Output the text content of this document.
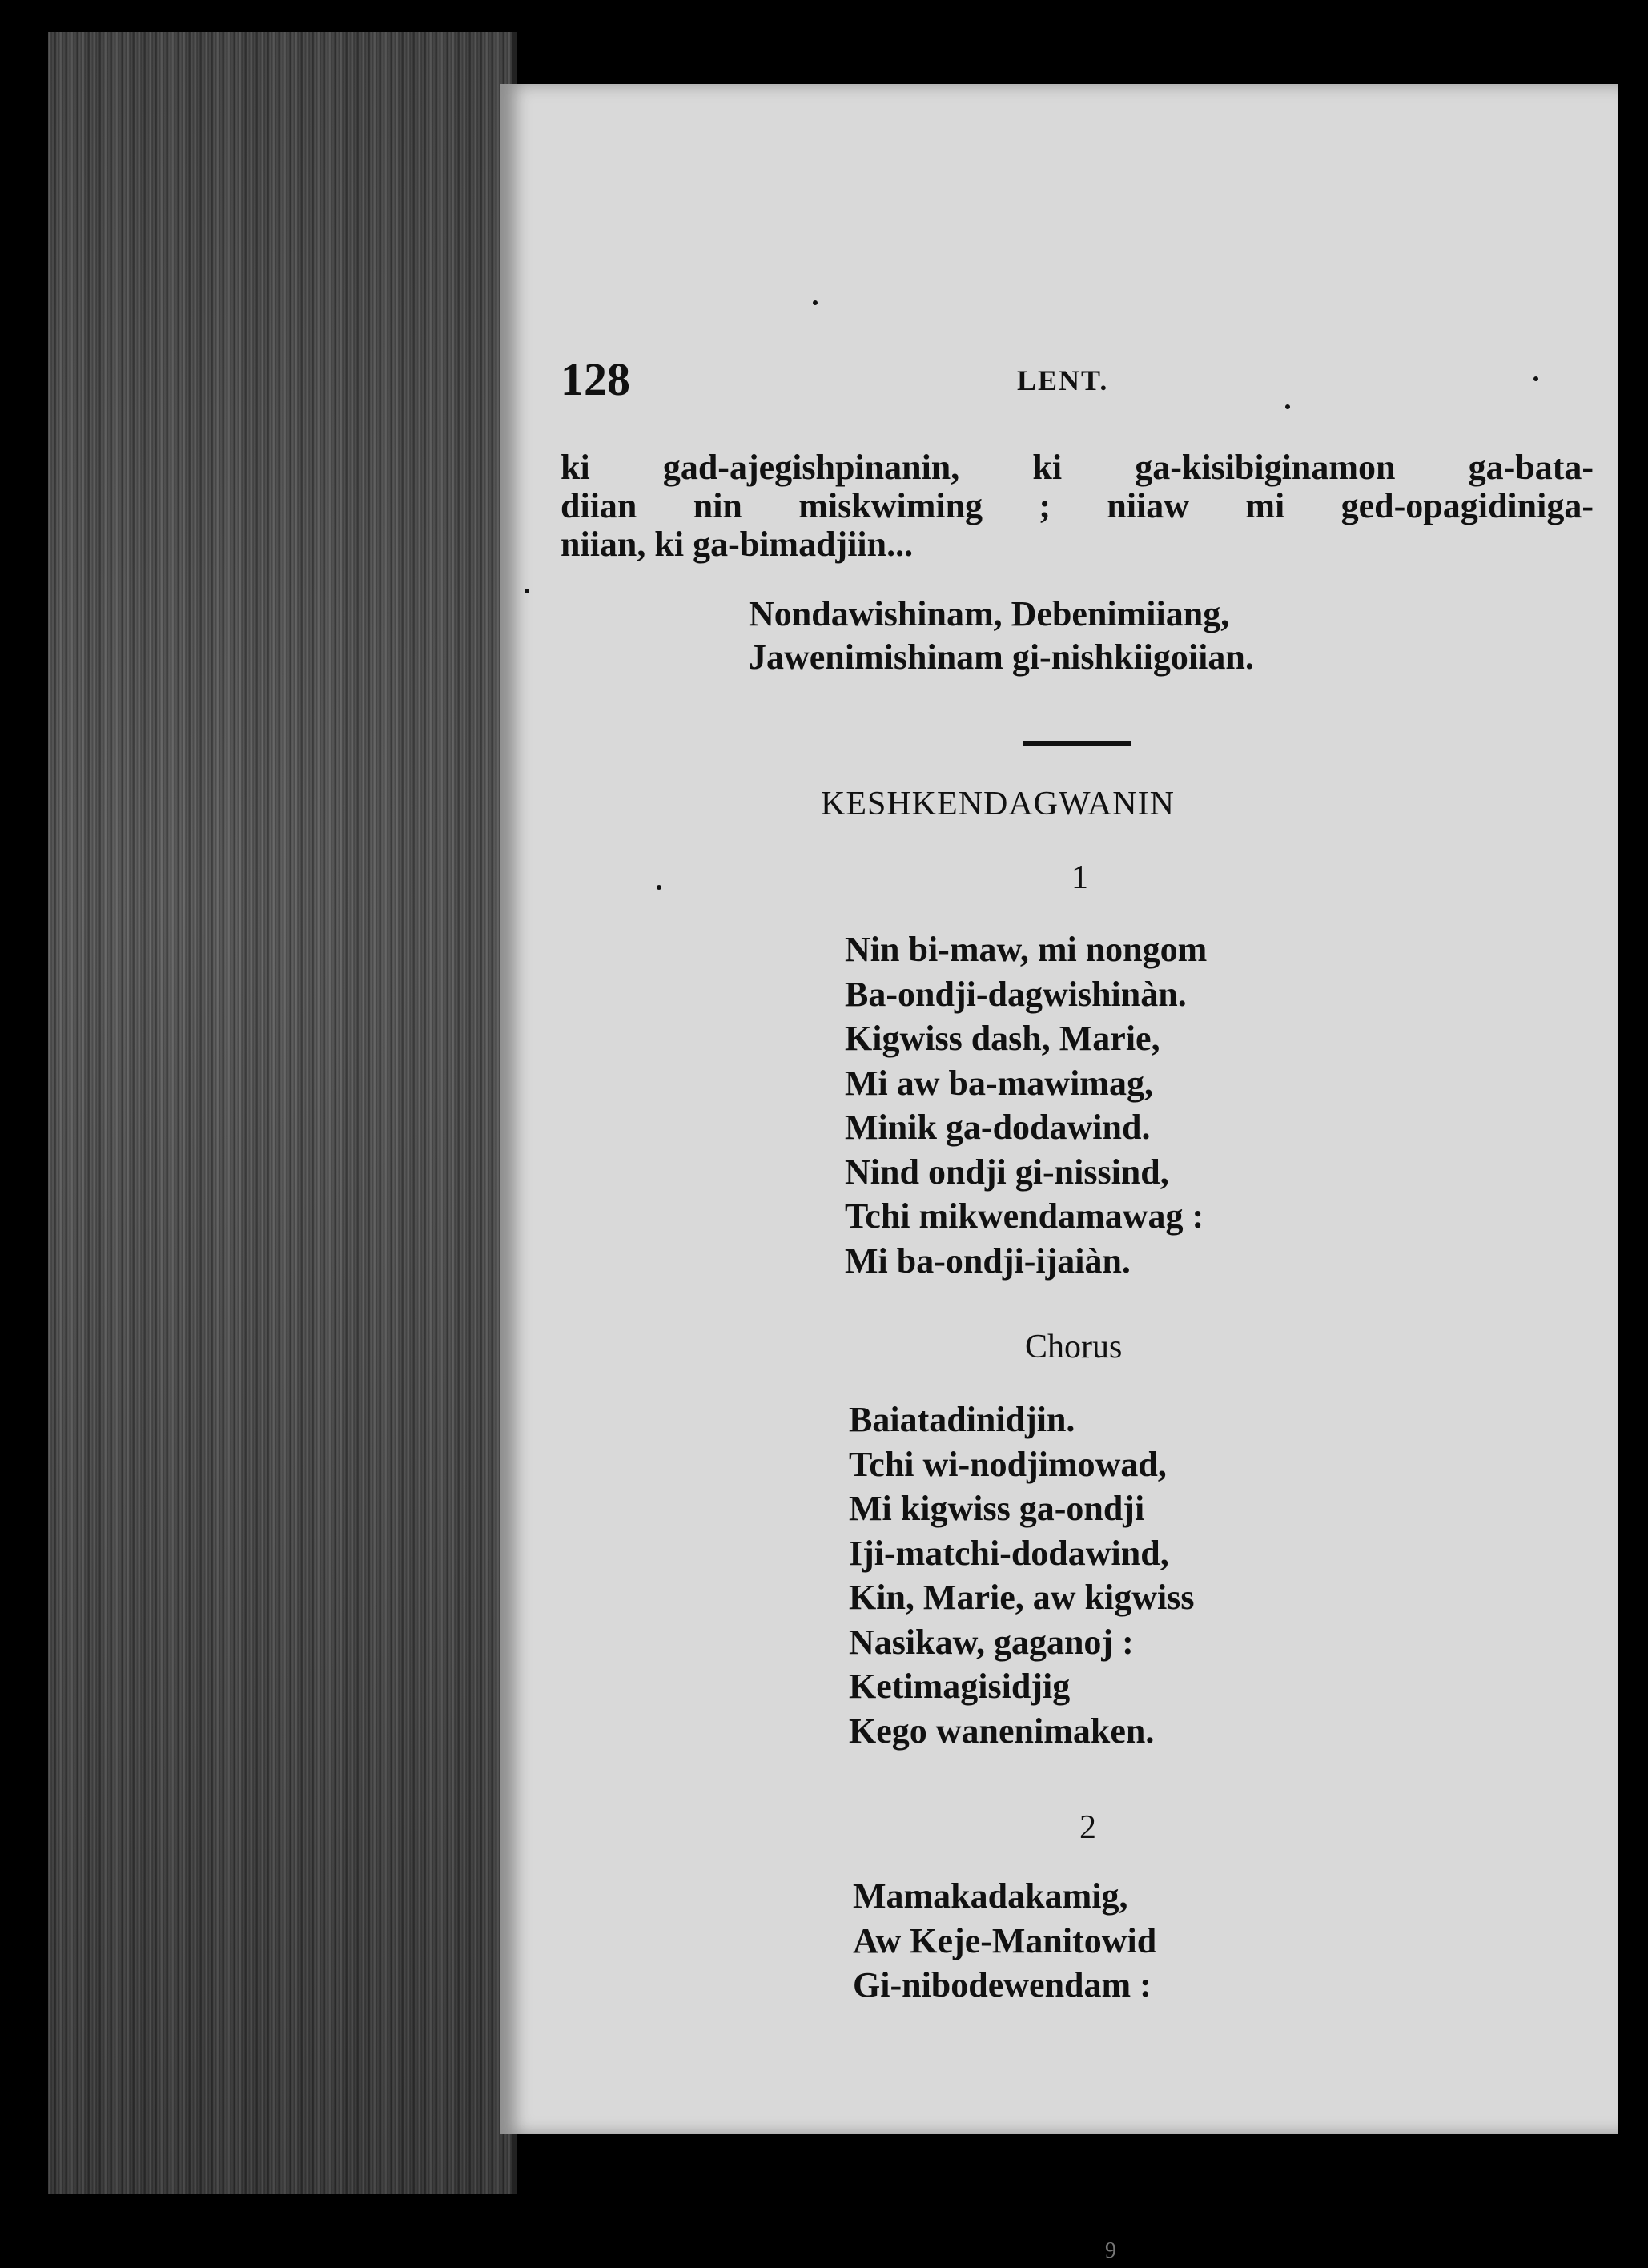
128	LENT.
ki gad-ajegishpinanin, ki ga-kisibiginamon ga-bata-
diian nin miskwiming ; niiaw mi ged-opagidiniga-
niian, ki ga-bimadjiin...
Nondawishinam, Debenimiiang,
Jawenimishinam gi-nishkiigoiian.
KESHKENDAGWANIN
1
Nin bi-maw, mi nongom
Ba-ondji-dagwishinàn.
Kigwiss dash, Marie,
Mi aw ba-mawimag,
Minik ga-dodawind.
Nind ondji gi-nissind,
Tchi mikwendamawag :
Mi ba-ondji-ijaiàn.
Chorus
Baiatadinidjin.
Tchi wi-nodjimowad,
Mi kigwiss ga-ondji
Iji-matchi-dodawind,
Kin, Marie, aw kigwiss
Nasikaw, gaganoj :
Ketimagisidjig
Kego wanenimaken.
2
Mamakadakamig,
Aw Keje-Manitowid
Gi-nibodewendam :
9
